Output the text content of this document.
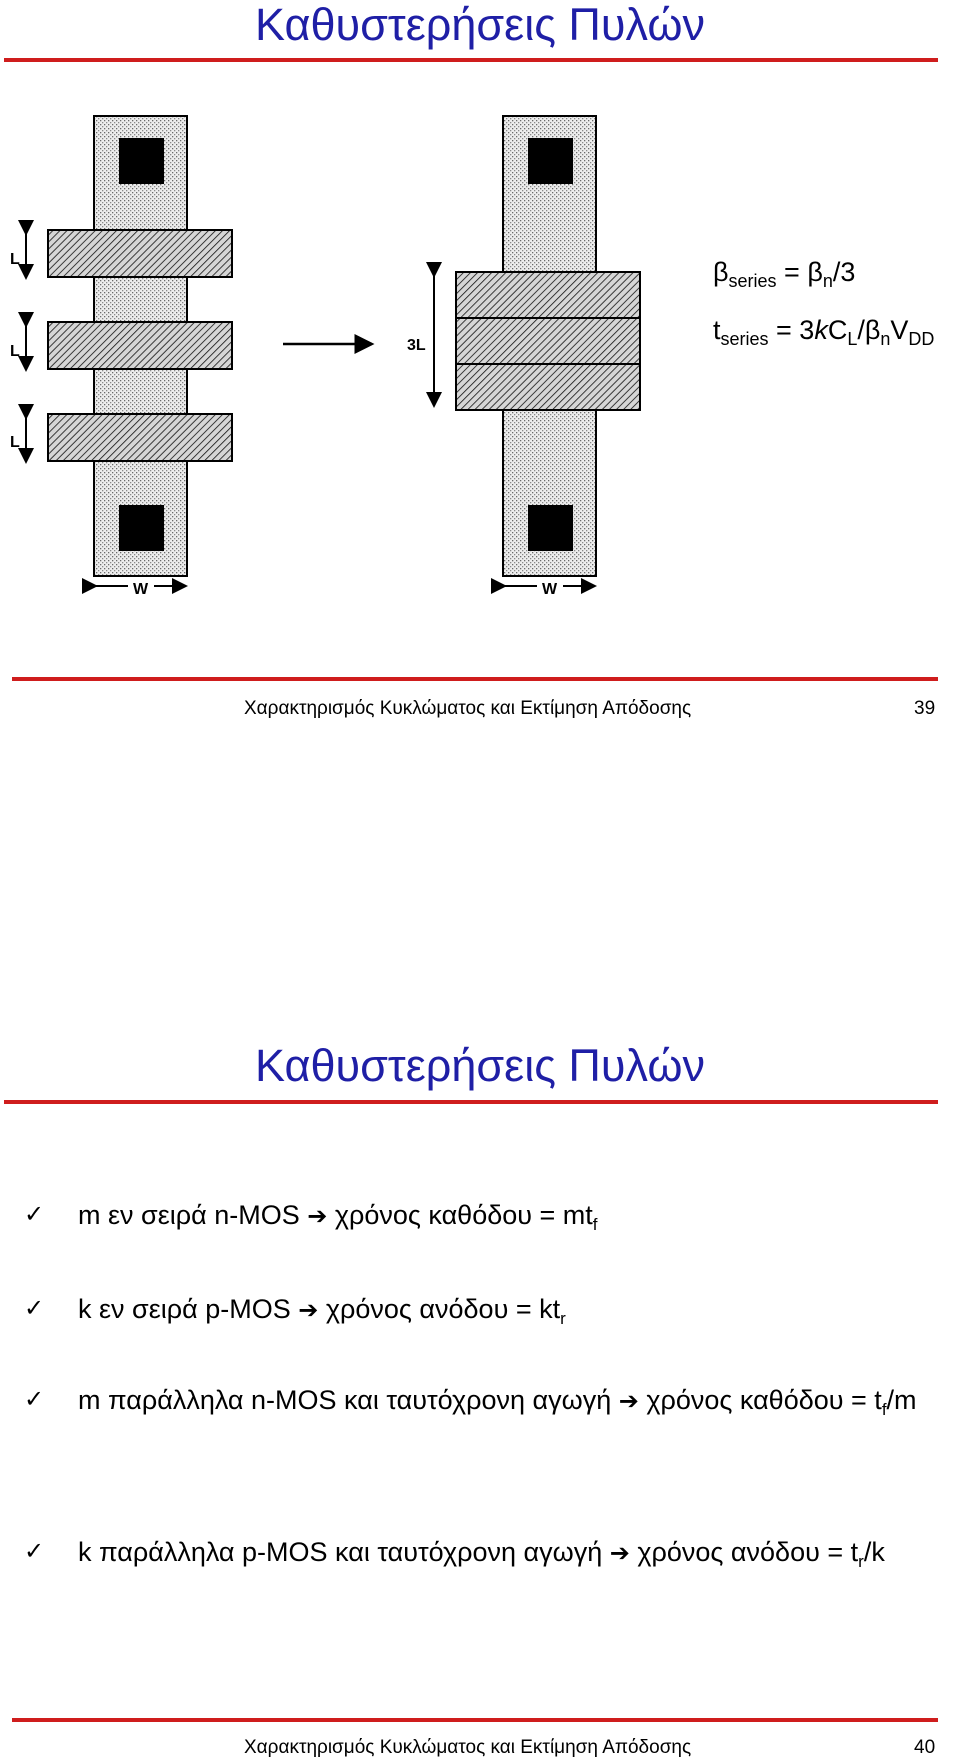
Καθυστερήσεις Πυλών
L
L
L
W
3L
W
$\beta_{series} = \beta_n/3$
$t_{series} = 3kC_L/\beta_nV_{DD}$
Χαρακτηρισμός Κυκλώματος και Εκτίμηση Απόδοσης	39
Καθυστερήσεις Πυλών
✓ m εν σειρά n-MOS ➔ χρόνος $\kappa\alpha\theta ό\delta o\upsilon = mt_f$
✓ k εν σειρά p-MOS ➔ χρόνος $\alpha\nu ό\delta o\upsilon = kt_r$
✓ m παράλληλα n-MOS και ταυτόχρονη αγωγή ➔ χρόνος $\kappa\alpha\theta ό\delta o\upsilon = t_f/m$
✓ k παράλληλα p-MOS και ταυτόχρονη αγωγή ➔ χρόνος $\alpha\nu ό\delta o\upsilon = t_r/k$
Χαρακτηρισμός Κυκλώματος και Εκτίμηση Απόδοσης	40
